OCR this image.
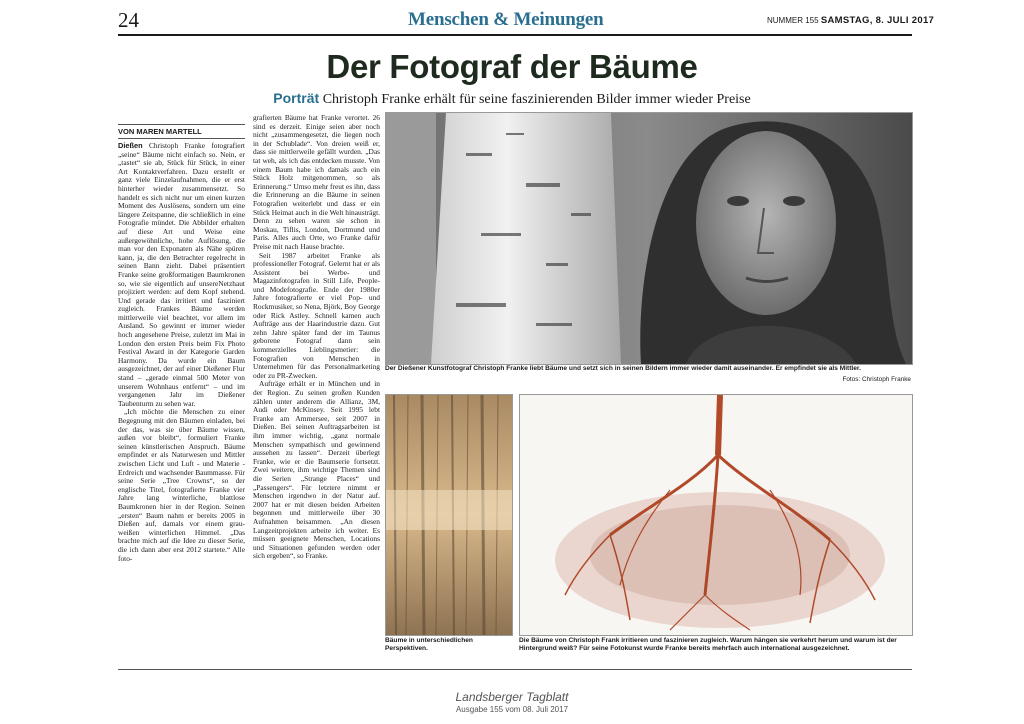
24	Menschen & Meinungen	NUMMER 155 SAMSTAG, 8. JULI 2017
Der Fotograf der Bäume
Porträt Christoph Franke erhält für seine faszinierenden Bilder immer wieder Preise
VON MAREN MARTELL

Dießen Christoph Franke fotografiert „seine“ Bäume nicht einfach so. Nein, er „tastet“ sie ab, Stück für Stück, in einer Art Kontaktverfahren. Dazu erstellt er ganz viele Einzelaufnahmen, die er erst hinterher wieder zusammensetzt. So handelt es sich nicht nur um einen kurzen Moment des Auslösens, sondern um eine längere Zeitspanne, die schließlich in eine Fotografie mündet. Die Abbilder erhalten auf diese Art und Weise eine außergewöhnliche, hohe Auflösung, die man vor den Exponaten als Nähe spüren kann, ja, die den Betrachter regelrecht in seinen Bann zieht. Dabei präsentiert Franke seine großformatigen Baumkronen so, wie sie eigentlich auf unsereNetzhaut projiziert werden: auf dem Kopf stehend. Und gerade das irritiert und fasziniert zugleich. Frankes Bäume werden mittlerweile viel beachtet, vor allem im Ausland. So gewinnt er immer wieder hoch angesehene Preise, zuletzt im Mai in London den ersten Preis beim Fix Photo Festival Award in der Kategorie Garden Harmony. Da wurde ein Baum ausgezeichnet, der auf einer Dießener Flur stand – „gerade einmal 500 Meter von unserem Wohnhaus entfernt“ – und im vergangenen Jahr im Dießener Taubenturm zu sehen war.

„Ich möchte die Menschen zu einer Begegnung mit den Bäumen einladen, bei der das, was sie über Bäume wissen, außen vor bleibt“, formuliert Franke seinen künstlerischen Anspruch. Bäume empfindet er als Naturwesen und Mittler zwischen Licht und Luft - und Materie - Erdreich und wachsender Baummasse. Für seine Serie „Tree Crowns“, so der englische Titel, fotografierte Franke vier Jahre lang winterliche, blattlose Baumkronen hier in der Region. Seinen „ersten“ Baum nahm er bereits 2005 in Dießen auf, damals vor einem grau-weißen winterlichen Himmel. „Das brachte mich auf die Idee zu dieser Serie, die ich dann aber erst 2012 startete.“ Alle foto-

grafierten Bäume hat Franke verortet. 26 sind es derzeit. Einige seien aber noch nicht „zusammengesetzt, die liegen noch in der Schublade“. Von dreien weiß er, dass sie mittlerweile gefällt wurden. „Das tat weh, als ich das entdecken musste. Von einem Baum habe ich damals auch ein Stück Holz mitgenommen, so als Erinnerung.“ Umso mehr freut es ihn, dass die Erinnerung an die Bäume in seinen Fotografien weiterlebt und dass er ein Stück Heimat auch in die Welt hinausträgt. Denn zu sehen waren sie schon in Moskau, Tiflis, London, Dortmund und Paris. Alles auch Orte, wo Franke dafür Preise mit nach Hause brachte.

Seit 1987 arbeitet Franke als professioneller Fotograf. Gelernt hat er als Assistent bei Werbe- und Magazinfotografen in Still Life, People- und Modefotografie. Ende der 1980er Jahre fotografierte er viel Pop- und Rockmusiker, so Nena, Björk, Boy George oder Rick Astley. Schnell kamen auch Aufträge aus der Haarindustrie dazu. Gut zehn Jahre später fand der im Taunus geborene Fotograf dann sein kommerzielles Lieblingsmetier: die Fotografien von Menschen in Unternehmen für das Personalmarketing oder zu PR-Zwecken.

Aufträge erhält er in München und in der Region. Zu seinen großen Kunden zählen unter anderem die Allianz, 3M, Audi oder McKinsey. Seit 1995 lebt Franke am Ammersee, seit 2007 in Dießen. Bei seinen Auftragsarbeiten ist ihm immer wichtig, „ganz normale Menschen sympathisch und gewinnend aussehen zu lassen“. Derzeit überlegt Franke, wie er die Baumserie fortsetzt. Zwei weitere, ihm wichtige Themen sind die Serien „Strange Places“ und „Passengers“. Für letztere nimmt er Menschen irgendwo in der Natur auf. 2007 hat er mit diesen beiden Arbeiten begonnen und mittlerweile über 30 Aufnahmen beisammen. „An diesen Langzeitprojekten arbeite ich weiter. Es müssen geeignete Menschen, Locations und Situationen gefunden werden oder sich ergeben“, so Franke.

Der Dießener Kunstfotograf Christoph Franke liebt Bäume und setzt sich in seinen Bildern immer wieder damit auseinander. Er empfindet sie als Mittler.
Fotos: Christoph Franke
Bäume in unterschiedlichen Perspektiven.
Die Bäume von Christoph Frank irritieren und faszinieren zugleich. Warum hängen sie verkehrt herum und warum ist der Hintergrund weiß? Für seine Fotokunst wurde Franke bereits mehrfach auch international ausgezeichnet.
Landsberger Tagblatt
Ausgabe 155 vom 08. Juli 2017
